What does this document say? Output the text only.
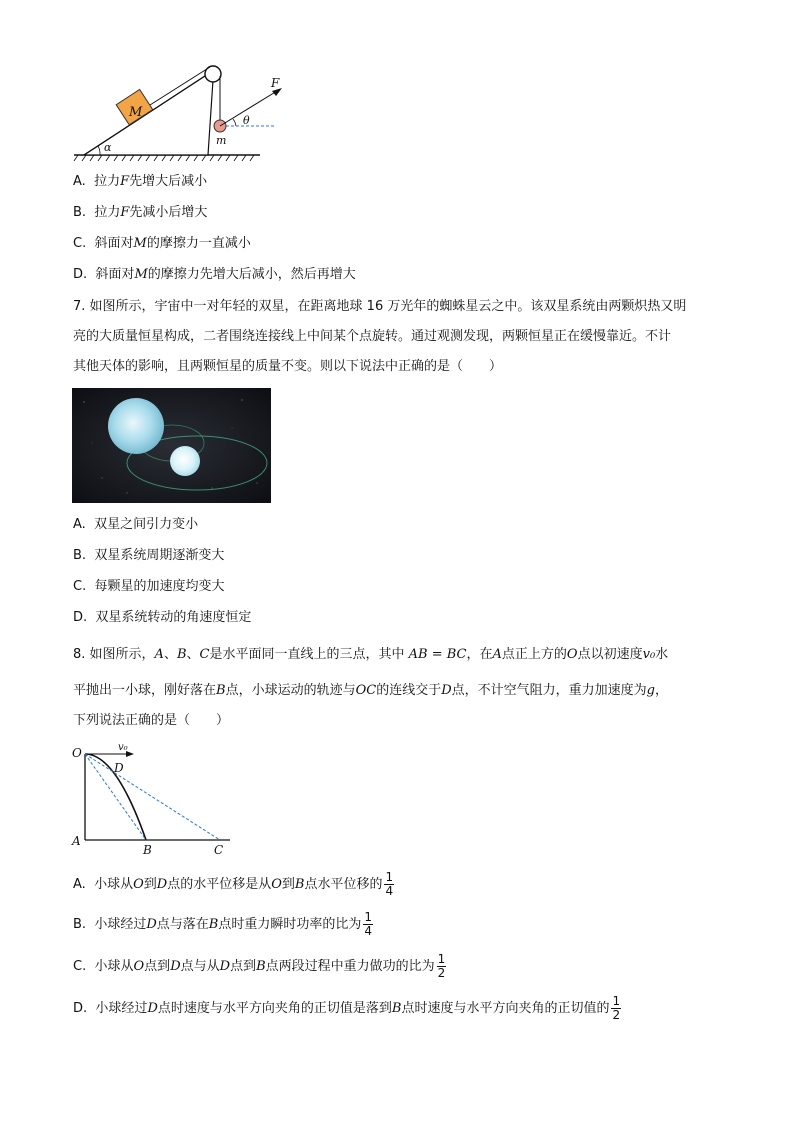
M
m
F
θ
α
A. 拉力F先增大后减小
B. 拉力F先减小后增大
C. 斜面对M的摩擦力一直减小
D. 斜面对M的摩擦力先增大后减小，然后再增大
7. 如图所示，宇宙中一对年轻的双星，在距离地球 16 万光年的蜘蛛星云之中。该双星系统由两颗炽热又明
亮的大质量恒星构成，二者围绕连接线上中间某个点旋转。通过观测发现，两颗恒星正在缓慢靠近。不计
其他天体的影响，且两颗恒星的质量不变。则以下说法中正确的是（　　）
A. 双星之间引力变小
B. 双星系统周期逐渐变大
C. 每颗星的加速度均变大
D. 双星系统转动的角速度恒定
8. 如图所示，A、B、C是水平面同一直线上的三点，其中 AB = BC，在A点正上方的O点以初速度v₀水
平抛出一小球，刚好落在B点，小球运动的轨迹与OC的连线交于D点，不计空气阻力，重力加速度为g，
下列说法正确的是（　　）
O	v₀
D
A
B	C
A. 小球从O到D点的水平位移是从O到B点水平位移的 $\frac{1}{4}$
B. 小球经过D点与落在B点时重力瞬时功率的比为 $\frac{1}{4}$
C. 小球从O点到D点与从D点到B点两段过程中重力做功的比为 $\frac{1}{2}$
D. 小球经过D点时速度与水平方向夹角的正切值是落到B点时速度与水平方向夹角的正切值的 $\frac{1}{2}$
